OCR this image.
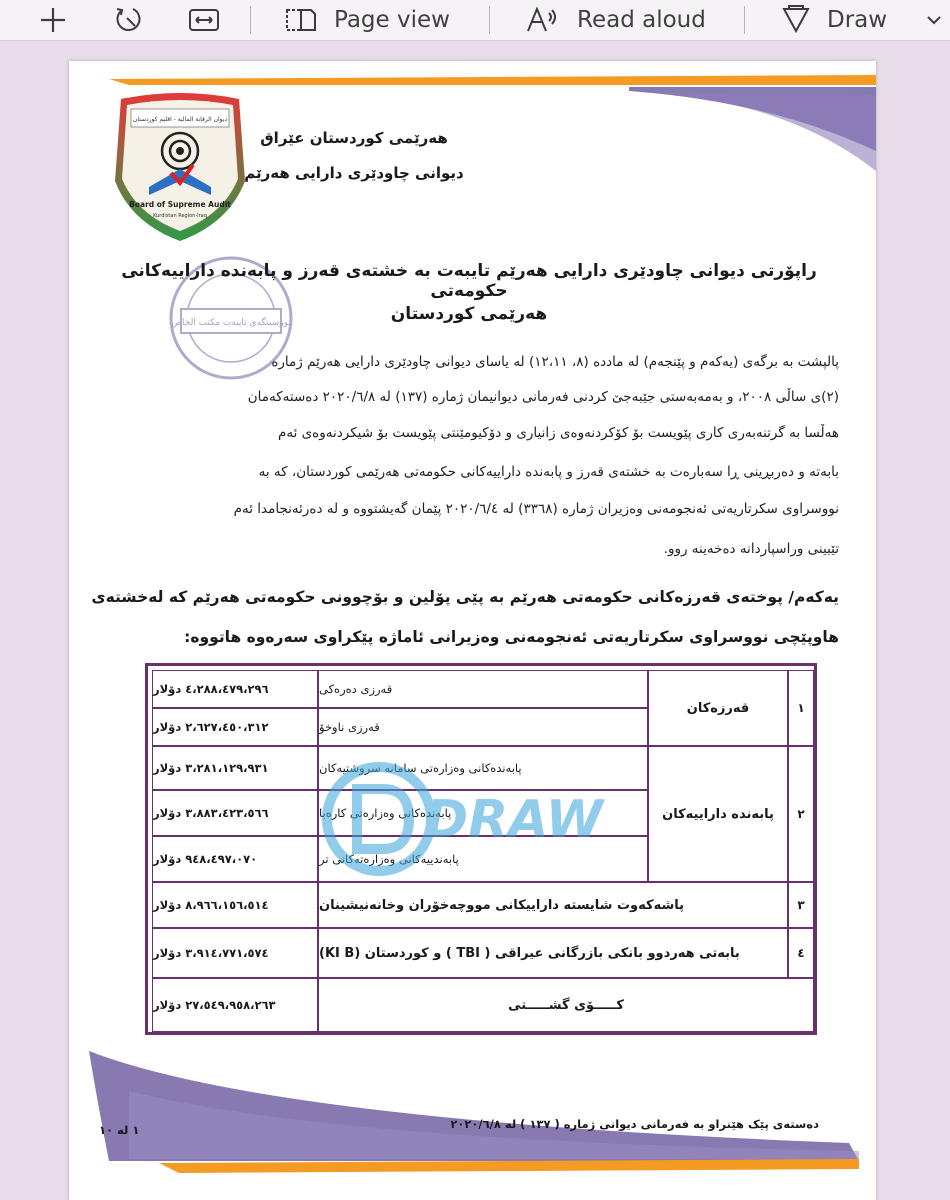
Page view	Read aloud	Draw
ديوان الرقابة المالية - اقليم كوردستان
Board of Supreme Audit
Kurdistan Region-Iraq
هەرێمی کوردستان عێراق
دیوانی چاودێری دارایی هەرێم
نووسینگەی تایبەت مكتب الخاص
راپۆرتی دیوانی چاودێری دارایی هەرێم تایبەت بە خشتەی قەرز و پابەندە داراییەکانی حکومەتی
هەرێمی کوردستان
پالپشت بە برگەی (یەکەم و پێنجەم) لە ماددە (٨، ١٢،١١) لە یاسای دیوانی چاودێری دارایی هەرێم ژمارە
(٢)ی ساڵی ٢٠٠٨، و بەمەبەستی جێبەجێ کردنی فەرمانی دیوانیمان ژمارە (١٣٧) لە ٢٠٢٠/٦/٨ دەستەکەمان
هەڵسا بە گرتنەبەری کاری پێویست بۆ کۆکردنەوەی زانیاری و دۆکیومێنتی پێویست بۆ شیکردنەوەی ئەم
بابەتە و دەربڕینی ڕا سەبارەت بە خشتەی قەرز و پابەندە داراییەکانی حکومەتی هەرێمی کوردستان، کە بە
نووسراوی سکرتاریەتی ئەنجومەنی وەزیران ژمارە (٣٣٦٨) لە ٢٠٢٠/٦/٤ پێمان گەیشتووە و لە دەرئەنجامدا ئەم
تێبینی وراسپاردانە دەخەینە روو.
یەکەم/ پوختەی قەرزەکانی حکومەتی هەرێم بە پێی پۆلین و بۆچوونی حکومەتی هەرێم کە لەخشتەی
هاوپێچی نووسراوی سکرتاریەتی ئەنجومەنی وەزیرانی ئاماژە پێکراوی سەرەوە هاتووە:
٤،٢٨٨،٤٧٩،٢٩٦ دۆلار	قەرزی دەرەکی
٢،٦٢٧،٤٥٠،٣١٢ دۆلار	قەرزی ناوخۆ
قەرزەکان	١
٣،٢٨١،١٢٩،٩٣١ دۆلار	پابەندەکانی وەزارەتی سامانە سروشتیەکان
٣،٨٨٣،٤٢٣،٥٦٦ دۆلار	پابەندەکانی وەزارەتی کارەبا
٩٤٨،٤٩٧،٠٧٠ دۆلار	پابەندییەکانی وەزارەتەکانی تر
پابەندە داراییەکان	٢
٨،٩٦٦،١٥٦،٥١٤ دۆلار	پاشەکەوت شایستە داراییکانی مووچەخۆران وخانەنیشینان	٣
٣،٩١٤،٧٧١،٥٧٤ دۆلار	بابەتی هەردوو بانکی بازرگانی عیراقی ( TBI ) و کوردستان (KI B)	٤
٢٧،٥٤٩،٩٥٨،٢٦٣ دۆلار	کـــــۆی گشـــــتی
DRAW
دەستەی پێک هێنراو بە فەرمانی دیوانی ژمارە ( ١٣٧ ) لە ٢٠٢٠/٦/٨
١ لە ١٠
